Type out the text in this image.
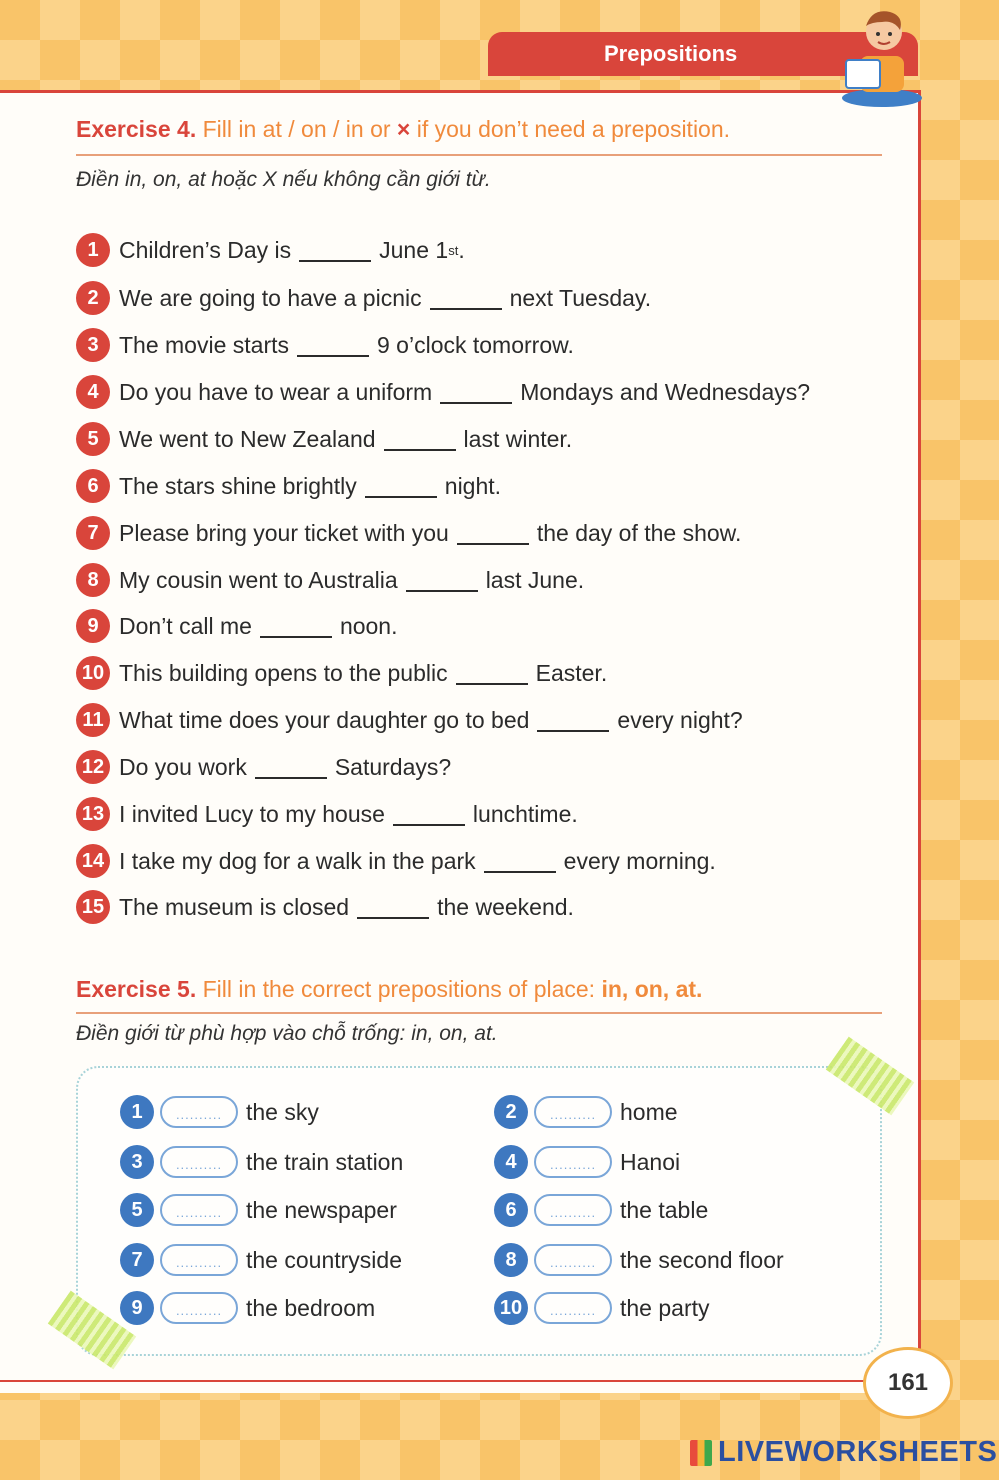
Prepositions
Exercise 4. Fill in at / on / in or × if you don’t need a preposition.
Điền in, on, at hoặc X nếu không cần giới từ.
1 Children’s Day is	June 1 st .
2 We are going to have a picnic	next Tuesday.
3 The movie starts	9 o’clock tomorrow.
4 Do you have to wear a uniform	Mondays and Wednesdays?
5 We went to New Zealand	last winter.
6 The stars shine brightly	night.
7 Please bring your ticket with you	the day of the show.
8 My cousin went to Australia	last June.
9 Don’t call me	noon.
10 This building opens to the public	Easter.
11 What time does your daughter go to bed	every night?
12 Do you work	Saturdays?
13 I invited Lucy to my house	lunchtime.
14 I take my dog for a walk in the park	every morning.
15 The museum is closed	the weekend.
Exercise 5. Fill in the correct prepositions of place: in, on, at.
Điền giới từ phù hợp vào chỗ trống: in, on, at.
1	..........	the sky	2	..........	home
3	..........	the train station	4	..........	Hanoi
5	..........	the newspaper	6	..........	the table
7	..........	the countryside	8	..........	the second floor
9	..........	the bedroom	10	..........	the party
161
LIVEWORKSHEETS
